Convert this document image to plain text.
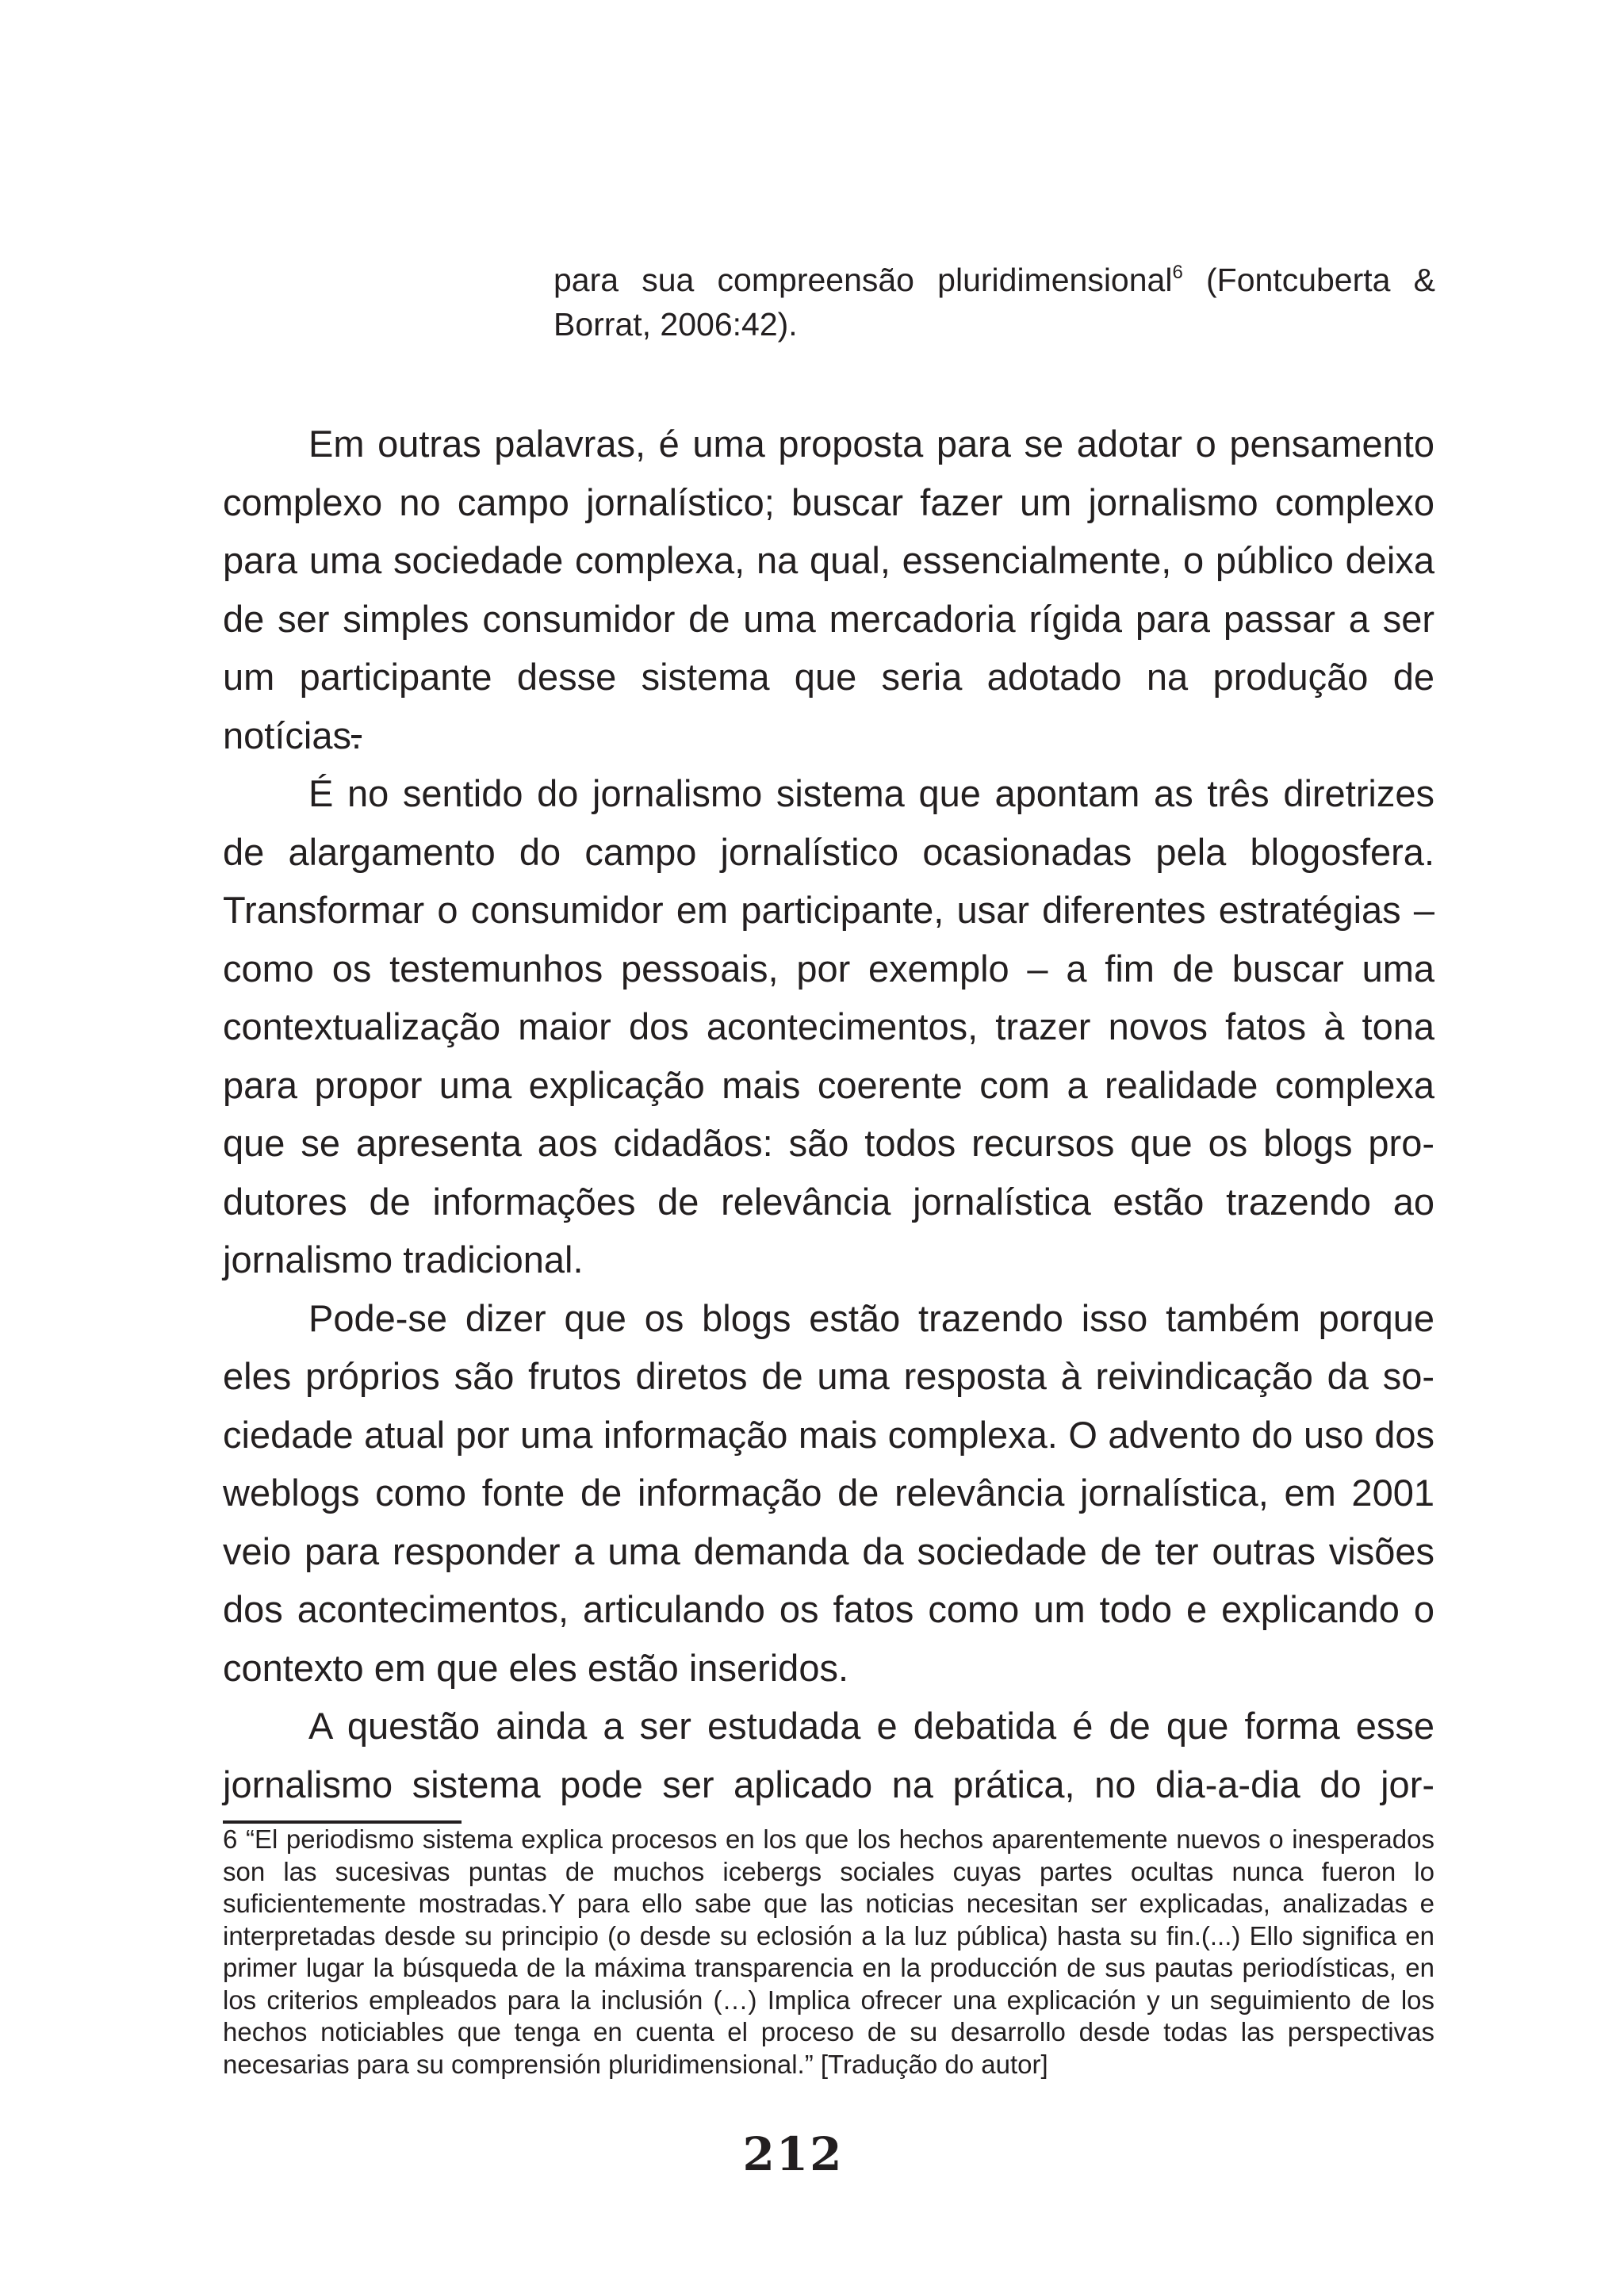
para sua compreensão pluridimensional$^6$ (Fontcuberta & Borrat, 2006:42).

Em outras palavras, é uma proposta para se adotar o pensamento complexo no campo jornalístico; buscar fazer um jornalismo complexo para uma sociedade complexa, na qual, essencialmente, o público deixa de ser simples consumidor de uma mercadoria rígida para passar a ser um participante desse sistema que seria adotado na produção de notícias.

É no sentido do jornalismo sistema que apontam as três diretrizes de alargamento do campo jornalístico ocasionadas pela blogosfera. Transformar o consumidor em participante, usar diferentes estratégias – como os testemunhos pessoais, por exemplo – a fim de buscar uma contextualização maior dos acontecimentos, trazer novos fatos à tona para propor uma explicação mais coerente com a realidade complexa que se apresenta aos cidadãos: são todos recursos que os blogs produtores de informações de relevância jornalística estão trazendo ao jornalismo tradicional.

Pode-se dizer que os blogs estão trazendo isso também porque eles próprios são frutos diretos de uma resposta à reivindicação da sociedade atual por uma informação mais complexa. O advento do uso dos weblogs como fonte de informação de relevância jornalística, em 2001 veio para responder a uma demanda da sociedade de ter outras visões dos acontecimentos, articulando os fatos como um todo e explicando o contexto em que eles estão inseridos.

A questão ainda a ser estudada e debatida é de que forma esse jornalismo sistema pode ser aplicado na prática, no dia-a-dia do jor-

6 “El periodismo sistema explica procesos en los que los hechos aparentemente nuevos o inesperados son las sucesivas puntas de muchos icebergs sociales cuyas partes ocultas nunca fueron lo suficientemente mostradas.Y para ello sabe que las noticias necesitan ser explicadas, analizadas e interpretadas desde su principio (o desde su eclosión a la luz pública) hasta su fin.(...) Ello significa en primer lugar la búsqueda de la máxima transparencia en la producción de sus pautas periodísticas, en los criterios empleados para la inclusión (…) Implica ofrecer una explicación y un seguimiento de los hechos noticiables que tenga en cuenta el proceso de su desarrollo desde todas las perspectivas necesarias para su comprensión pluridimensional.” [Tradução do autor]

212
